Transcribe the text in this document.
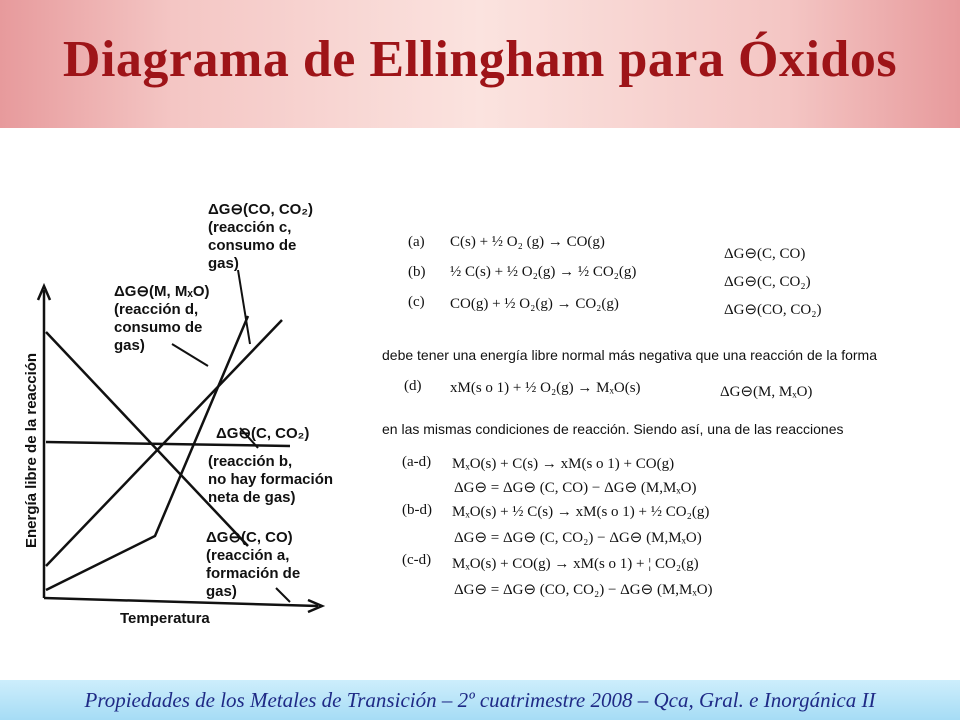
Diagrama de Ellingham para Óxidos
Temperatura
Energía libre de la reacción
ΔG⊖(CO, CO₂)
(reacción c,
consumo de
gas)
ΔG⊖(M, MₓO)
(reacción d,
consumo de
gas)
ΔG⊖(C, CO₂)
(reacción b,
no hay formación
neta de gas)
ΔG⊖(C, CO)
(reacción a,
formación de
gas)
(a) C(s) + ½ O₂ (g) → CO(g)
ΔG⊖(C, CO)
(b) ½ C(s) + ½ O₂(g) → ½ CO₂(g)
ΔG⊖(C, CO₂)
(c) CO(g) + ½ O₂(g) → CO₂(g)	ΔG⊖(CO, CO₂)
debe tener una energía libre normal más negativa que una reacción de la forma
(d) xM(s o 1) + ½ O₂(g) → MₓO(s)	ΔG⊖(M, MₓO)
en las mismas condiciones de reacción. Siendo así, una de las reacciones
(a-d) MₓO(s) + C(s) → xM(s o 1) + CO(g)
ΔG⊖ = ΔG⊖ (C, CO) − ΔG⊖ (M,MₓO)
(b-d) MₓO(s) + ½ C(s) → xM(s o 1) + ½ CO₂(g)
ΔG⊖ = ΔG⊖ (C, CO₂) − ΔG⊖ (M,MₓO)
(c-d) MₓO(s) + CO(g) → xM(s o 1) + ¦ CO₂(g)
ΔG⊖ = ΔG⊖ (CO, CO₂) − ΔG⊖ (M,MₓO)
Propiedades de los Metales de Transición – 2º cuatrimestre 2008 – Qca, Gral. e Inorgánica II
